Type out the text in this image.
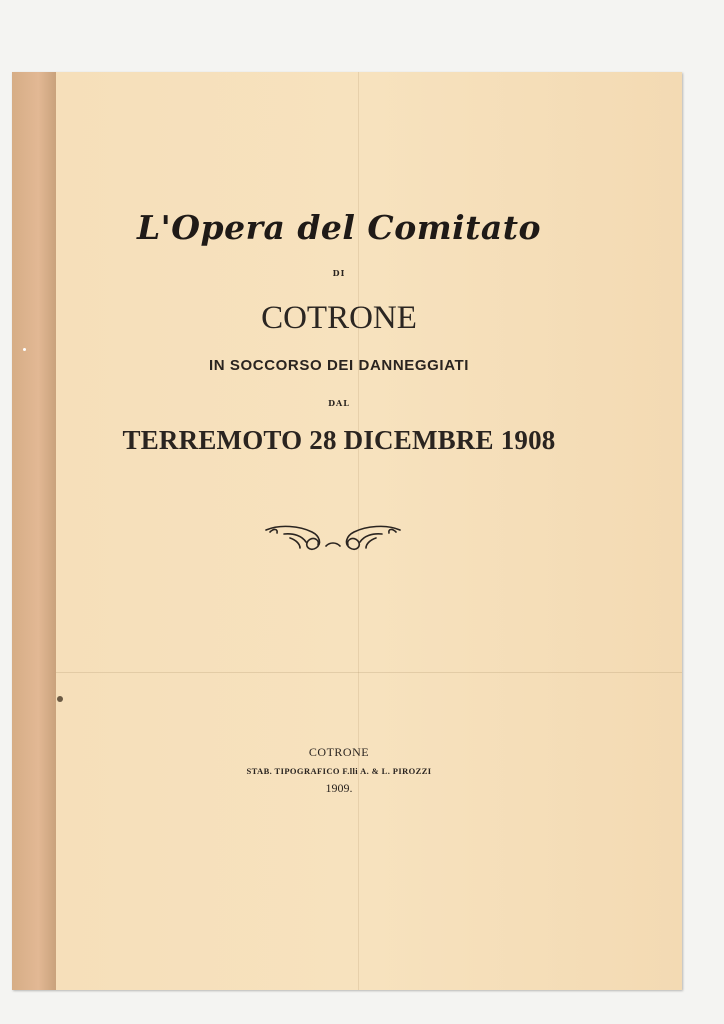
L'Opera del Comitato
DI
COTRONE
IN SOCCORSO DEI DANNEGGIATI
DAL
TERREMOTO 28 DICEMBRE 1908
COTRONE
STAB. TIPOGRAFICO F.lli A. & L. PIROZZI
1909.
